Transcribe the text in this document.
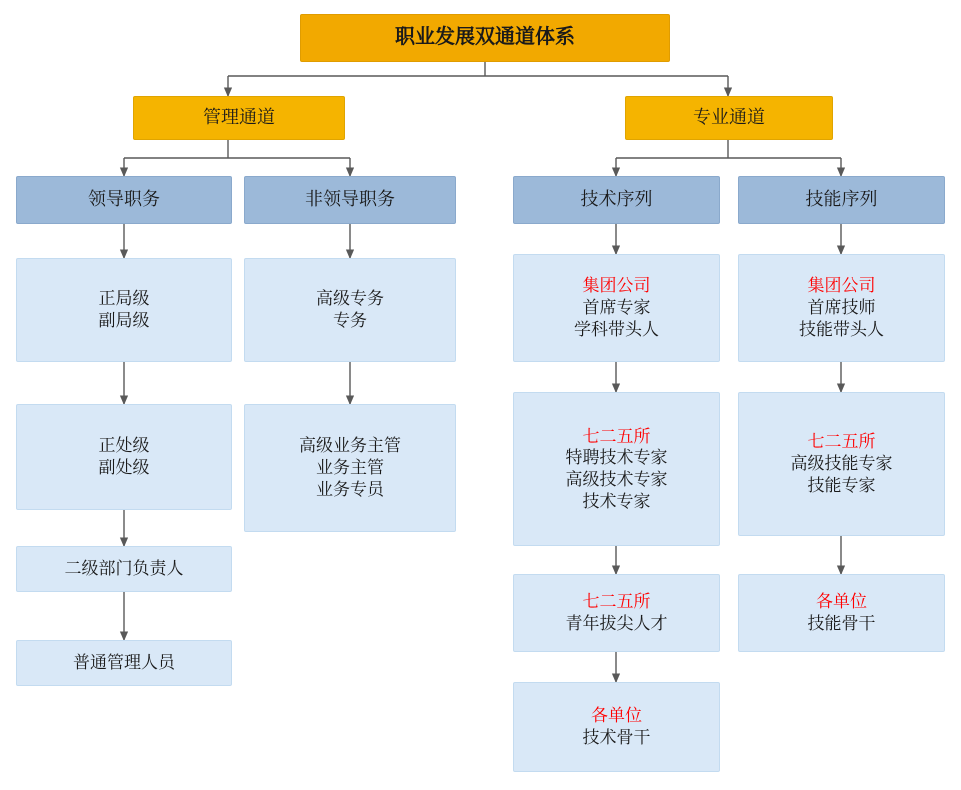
职业发展双通道体系
管理通道	专业通道
领导职务	非领导职务	技术序列	技能序列
正局级
副局级
正处级
副处级
二级部门负责人
普通管理人员
高级专务
专务
高级业务主管
业务主管
业务专员
集团公司
首席专家
学科带头人
七二五所
特聘技术专家
高级技术专家
技术专家
七二五所
青年拔尖人才
各单位
技术骨干
集团公司
首席技师
技能带头人
七二五所
高级技能专家
技能专家
各单位
技能骨干
